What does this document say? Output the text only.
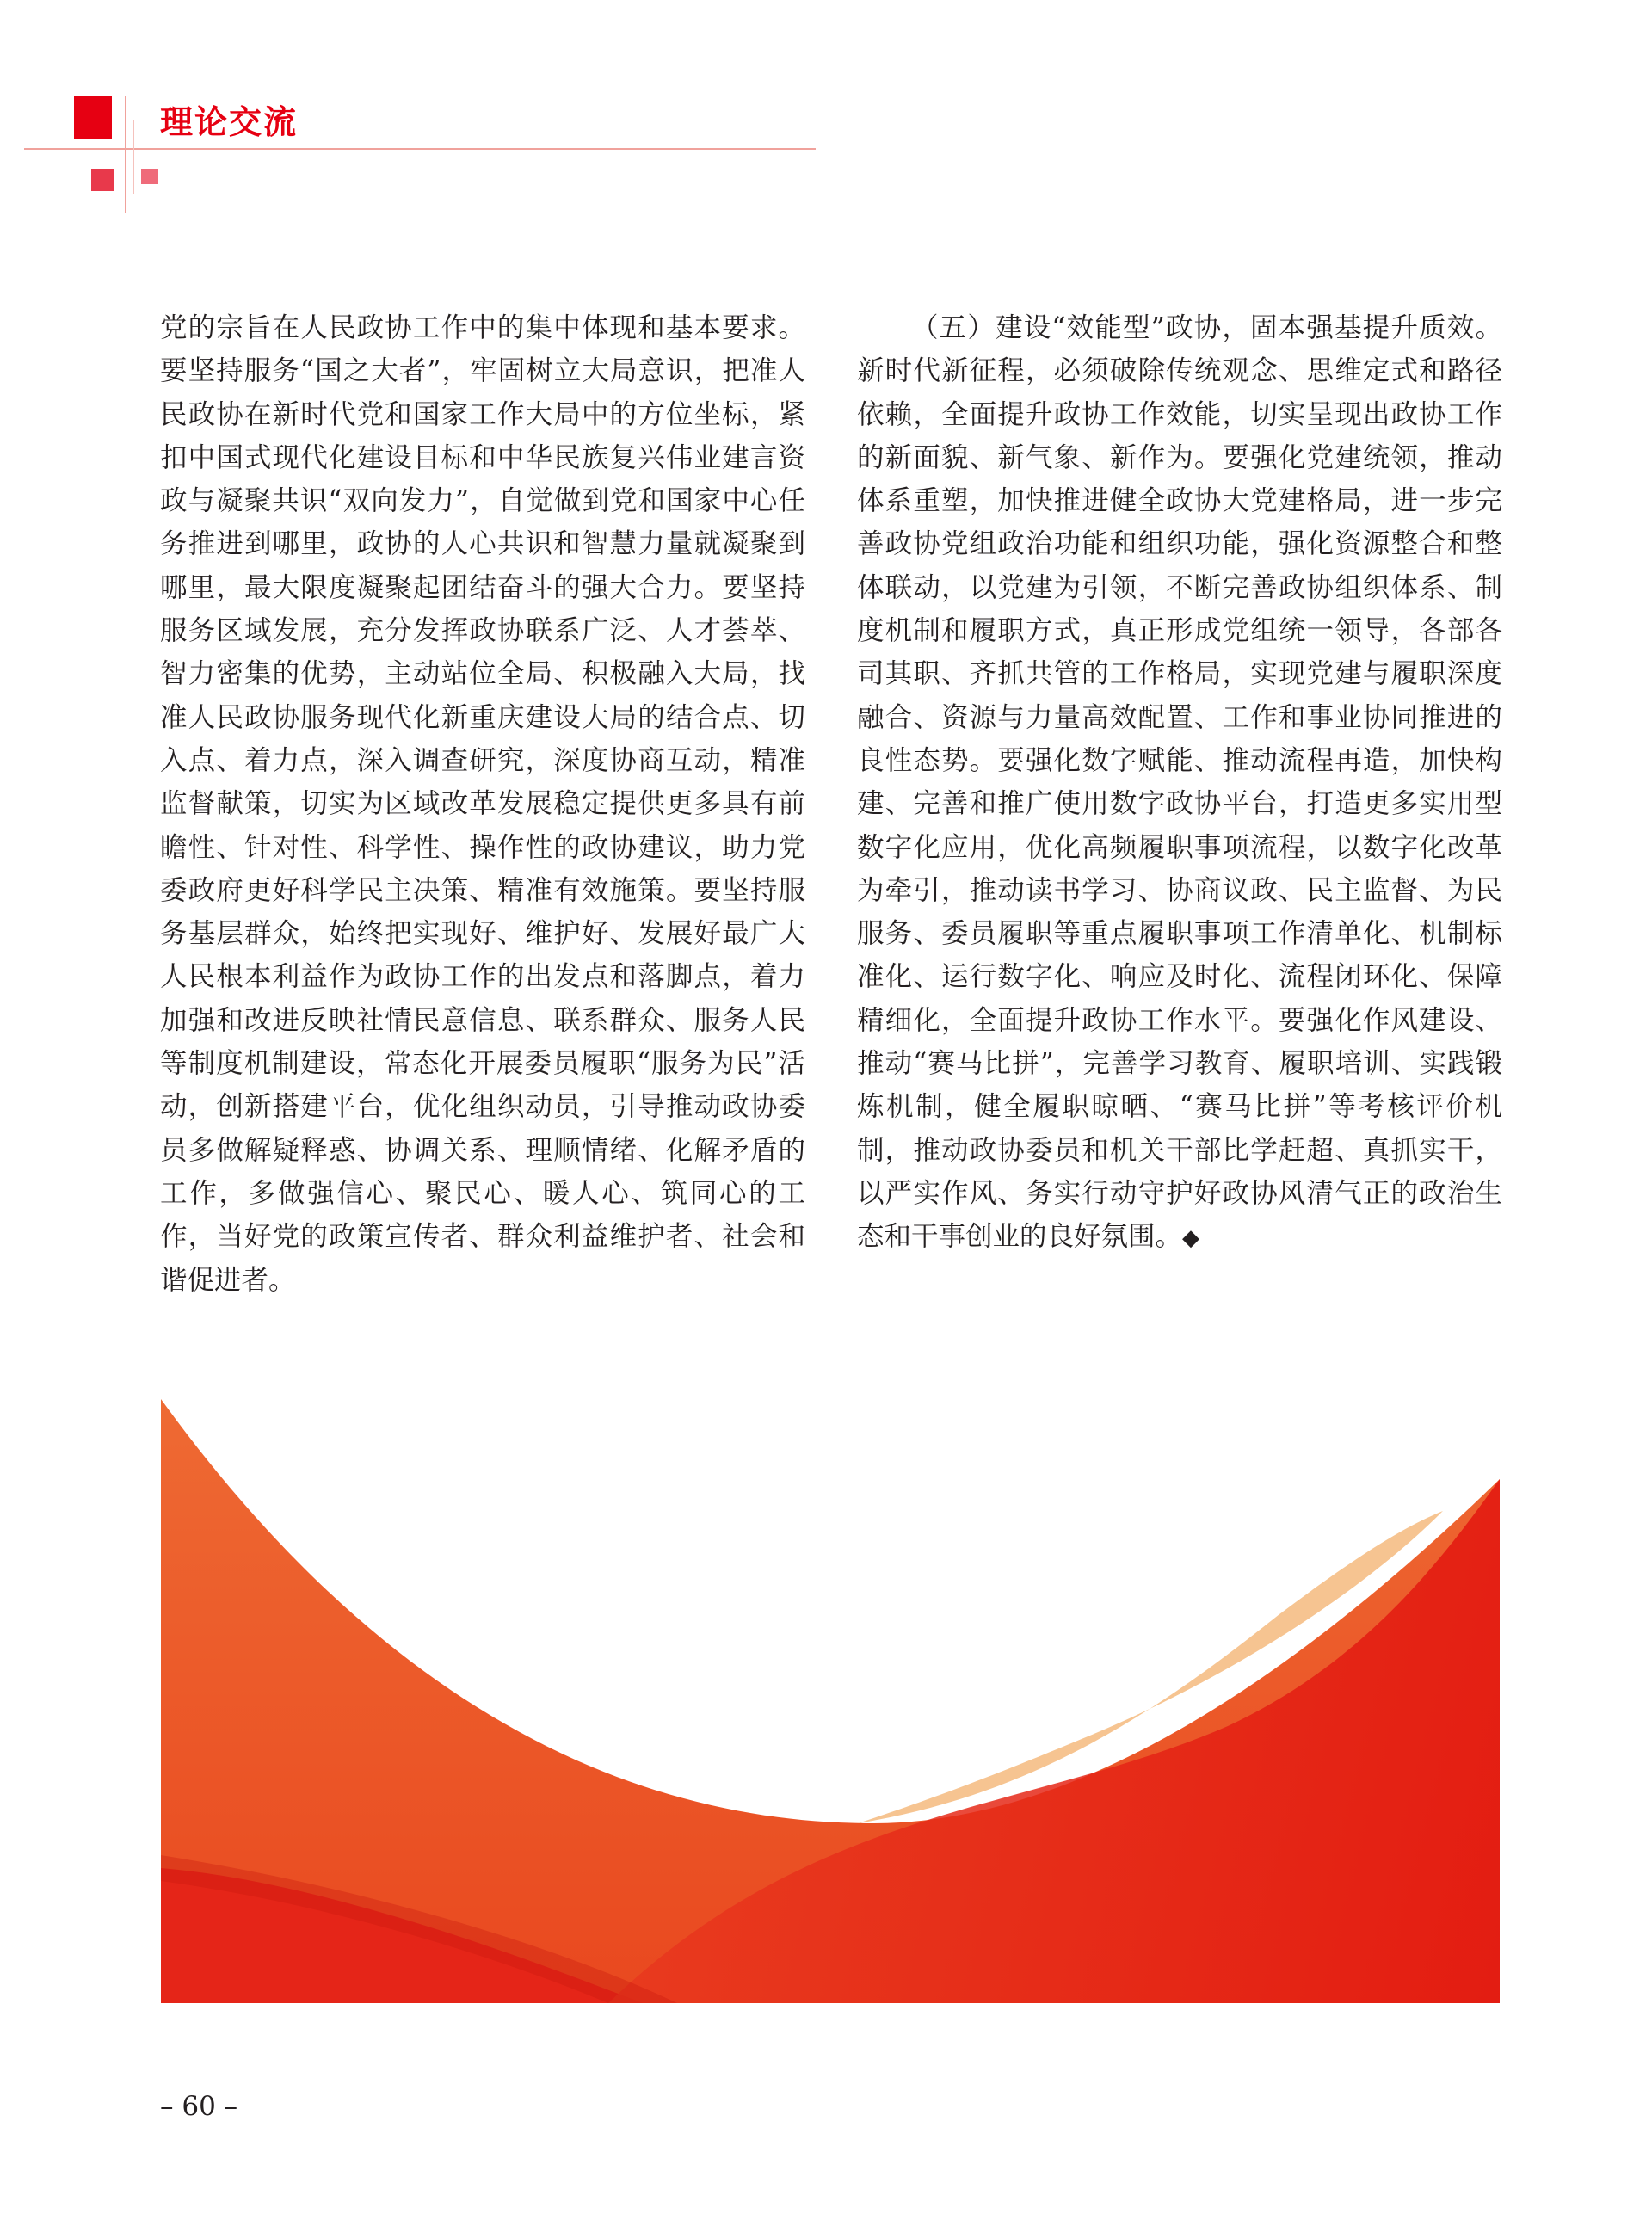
理论交流

党的宗旨在人民政协工作中的集中体现和基本要求。要坚持服务“国之大者”，牢固树立大局意识，把准人民政协在新时代党和国家工作大局中的方位坐标，紧扣中国式现代化建设目标和中华民族复兴伟业建言资政与凝聚共识“双向发力”，自觉做到党和国家中心任务推进到哪里，政协的人心共识和智慧力量就凝聚到哪里，最大限度凝聚起团结奋斗的强大合力。要坚持服务区域发展，充分发挥政协联系广泛、人才荟萃、智力密集的优势，主动站位全局、积极融入大局，找准人民政协服务现代化新重庆建设大局的结合点、切入点、着力点，深入调查研究，深度协商互动，精准监督献策，切实为区域改革发展稳定提供更多具有前瞻性、针对性、科学性、操作性的政协建议，助力党委政府更好科学民主决策、精准有效施策。要坚持服务基层群众，始终把实现好、维护好、发展好最广大人民根本利益作为政协工作的出发点和落脚点，着力加强和改进反映社情民意信息、联系群众、服务人民等制度机制建设，常态化开展委员履职“服务为民”活动，创新搭建平台，优化组织动员，引导推动政协委员多做解疑释惑、协调关系、理顺情绪、化解矛盾的工作，多做强信心、聚民心、暖人心、筑同心的工作，当好党的政策宣传者、群众利益维护者、社会和谐促进者。

（五）建设“效能型”政协，固本强基提升质效。新时代新征程，必须破除传统观念、思维定式和路径依赖，全面提升政协工作效能，切实呈现出政协工作的新面貌、新气象、新作为。要强化党建统领，推动体系重塑，加快推进健全政协大党建格局，进一步完善政协党组政治功能和组织功能，强化资源整合和整体联动，以党建为引领，不断完善政协组织体系、制度机制和履职方式，真正形成党组统一领导，各部各司其职、齐抓共管的工作格局，实现党建与履职深度融合、资源与力量高效配置、工作和事业协同推进的良性态势。要强化数字赋能、推动流程再造，加快构建、完善和推广使用数字政协平台，打造更多实用型数字化应用，优化高频履职事项流程，以数字化改革为牵引，推动读书学习、协商议政、民主监督、为民服务、委员履职等重点履职事项工作清单化、机制标准化、运行数字化、响应及时化、流程闭环化、保障精细化，全面提升政协工作水平。要强化作风建设、推动“赛马比拼”，完善学习教育、履职培训、实践锻炼机制，健全履职晾晒、“赛马比拼”等考核评价机制，推动政协委员和机关干部比学赶超、真抓实干，以严实作风、务实行动守护好政协风清气正的政治生态和干事创业的良好氛围。◆

– 60 –
